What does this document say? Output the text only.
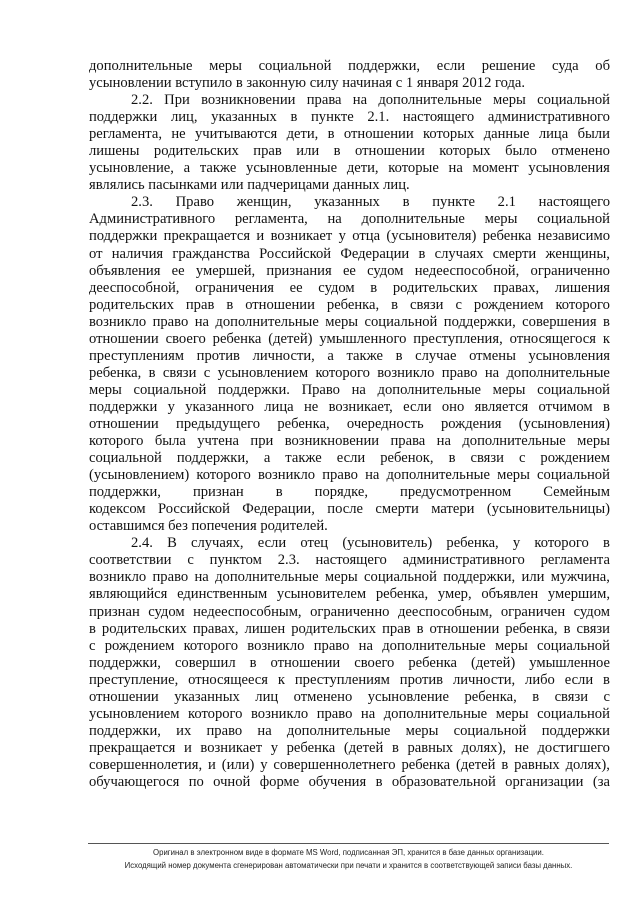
дополнительные меры социальной поддержки, если решение суда об
усыновлении вступило в законную силу начиная с 1 января 2012 года.
2.2. При возникновении права на дополнительные меры социальной
поддержки лиц, указанных в пункте 2.1. настоящего административного
регламента, не учитываются дети, в отношении которых данные лица были
лишены родительских прав или в отношении которых было отменено
усыновление, а также усыновленные дети, которые на момент усыновления
являлись пасынками или падчерицами данных лиц.
2.3. Право женщин, указанных в пункте 2.1 настоящего
Административного регламента, на дополнительные меры социальной
поддержки прекращается и возникает у отца (усыновителя) ребенка независимо
от наличия гражданства Российской Федерации в случаях смерти женщины,
объявления ее умершей, признания ее судом недееспособной, ограниченно
дееспособной, ограничения ее судом в родительских правах, лишения
родительских прав в отношении ребенка, в связи с рождением которого
возникло право на дополнительные меры социальной поддержки, совершения в
отношении своего ребенка (детей) умышленного преступления, относящегося к
преступлениям против личности, а также в случае отмены усыновления
ребенка, в связи с усыновлением которого возникло право на дополнительные
меры социальной поддержки. Право на дополнительные меры социальной
поддержки у указанного лица не возникает, если оно является отчимом в
отношении предыдущего ребенка, очередность рождения (усыновления)
которого была учтена при возникновении права на дополнительные меры
социальной поддержки, а также если ребенок, в связи с рождением
(усыновлением) которого возникло право на дополнительные меры социальной
поддержки, признан в порядке, предусмотренном Семейным
кодексом Российской Федерации, после смерти матери (усыновительницы)
оставшимся без попечения родителей.
2.4. В случаях, если отец (усыновитель) ребенка, у которого в
соответствии с пунктом 2.3. настоящего административного регламента
возникло право на дополнительные меры социальной поддержки, или мужчина,
являющийся единственным усыновителем ребенка, умер, объявлен умершим,
признан судом недееспособным, ограниченно дееспособным, ограничен судом
в родительских правах, лишен родительских прав в отношении ребенка, в связи
с рождением которого возникло право на дополнительные меры социальной
поддержки, совершил в отношении своего ребенка (детей) умышленное
преступление, относящееся к преступлениям против личности, либо если в
отношении указанных лиц отменено усыновление ребенка, в связи с
усыновлением которого возникло право на дополнительные меры социальной
поддержки, их право на дополнительные меры социальной поддержки
прекращается и возникает у ребенка (детей в равных долях), не достигшего
совершеннолетия, и (или) у совершеннолетнего ребенка (детей в равных долях),
обучающегося по очной форме обучения в образовательной организации (за
Оригинал в электронном виде в формате MS Word, подписанная ЭП, хранится в базе данных организации.
Исходящий номер документа сгенерирован автоматически при печати и хранится в соответствующей записи базы данных.
